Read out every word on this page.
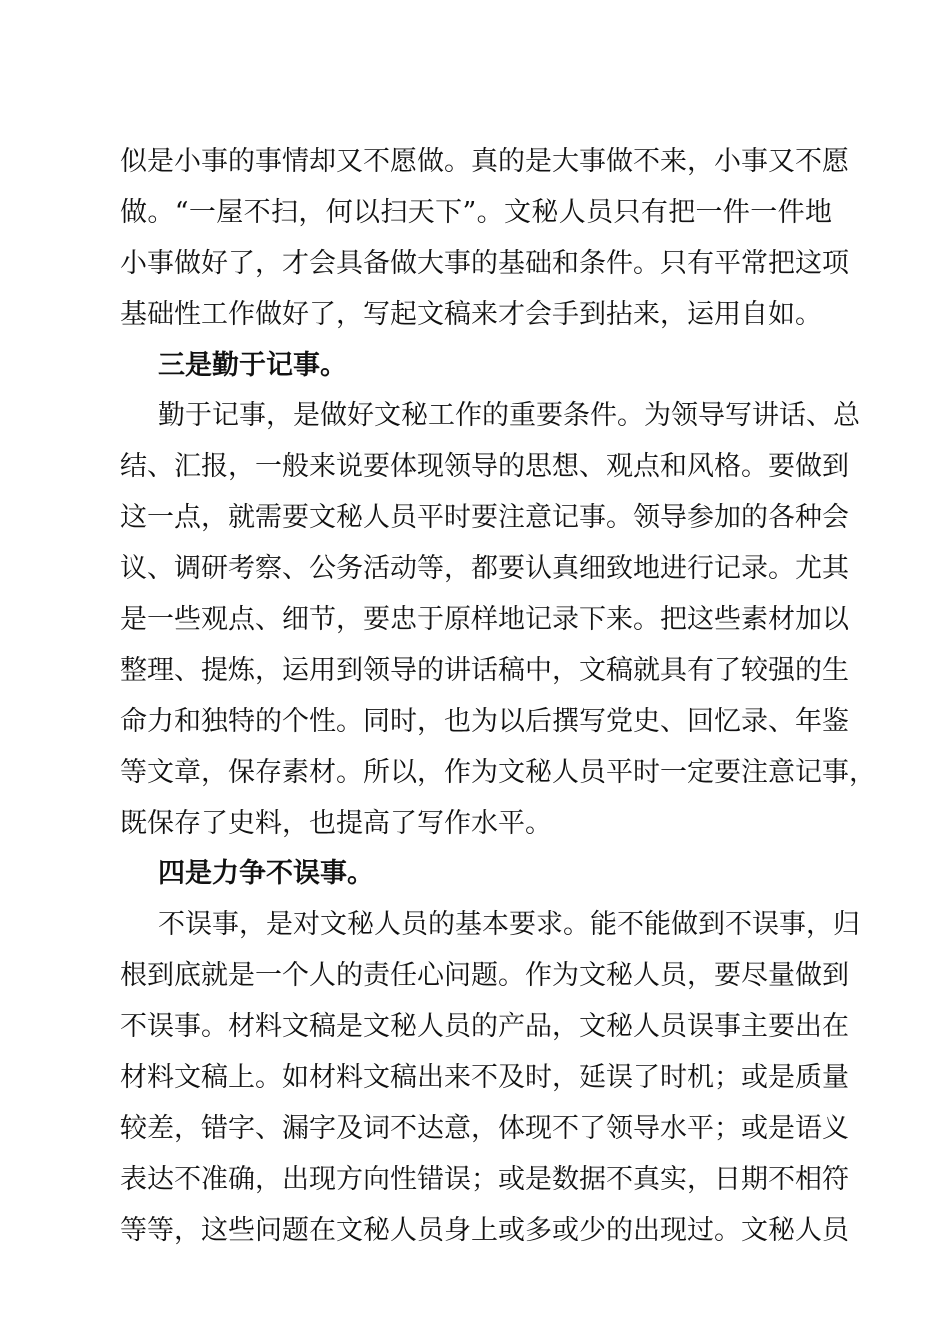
似是小事的事情却又不愿做。真的是大事做不来，小事又不愿
做。“一屋不扫，何以扫天下”。文秘人员只有把一件一件地
小事做好了，才会具备做大事的基础和条件。只有平常把这项
基础性工作做好了，写起文稿来才会手到拈来，运用自如。
三是勤于记事。
勤于记事，是做好文秘工作的重要条件。为领导写讲话、总
结、汇报，一般来说要体现领导的思想、观点和风格。要做到
这一点，就需要文秘人员平时要注意记事。领导参加的各种会
议、调研考察、公务活动等，都要认真细致地进行记录。尤其
是一些观点、细节，要忠于原样地记录下来。把这些素材加以
整理、提炼，运用到领导的讲话稿中，文稿就具有了较强的生
命力和独特的个性。同时，也为以后撰写党史、回忆录、年鉴
等文章，保存素材。所以，作为文秘人员平时一定要注意记事，
既保存了史料，也提高了写作水平。
四是力争不误事。
不误事，是对文秘人员的基本要求。能不能做到不误事，归
根到底就是一个人的责任心问题。作为文秘人员，要尽量做到
不误事。材料文稿是文秘人员的产品，文秘人员误事主要出在
材料文稿上。如材料文稿出来不及时，延误了时机；或是质量
较差，错字、漏字及词不达意，体现不了领导水平；或是语义
表达不准确，出现方向性错误；或是数据不真实，日期不相符
等等，这些问题在文秘人员身上或多或少的出现过。文秘人员
